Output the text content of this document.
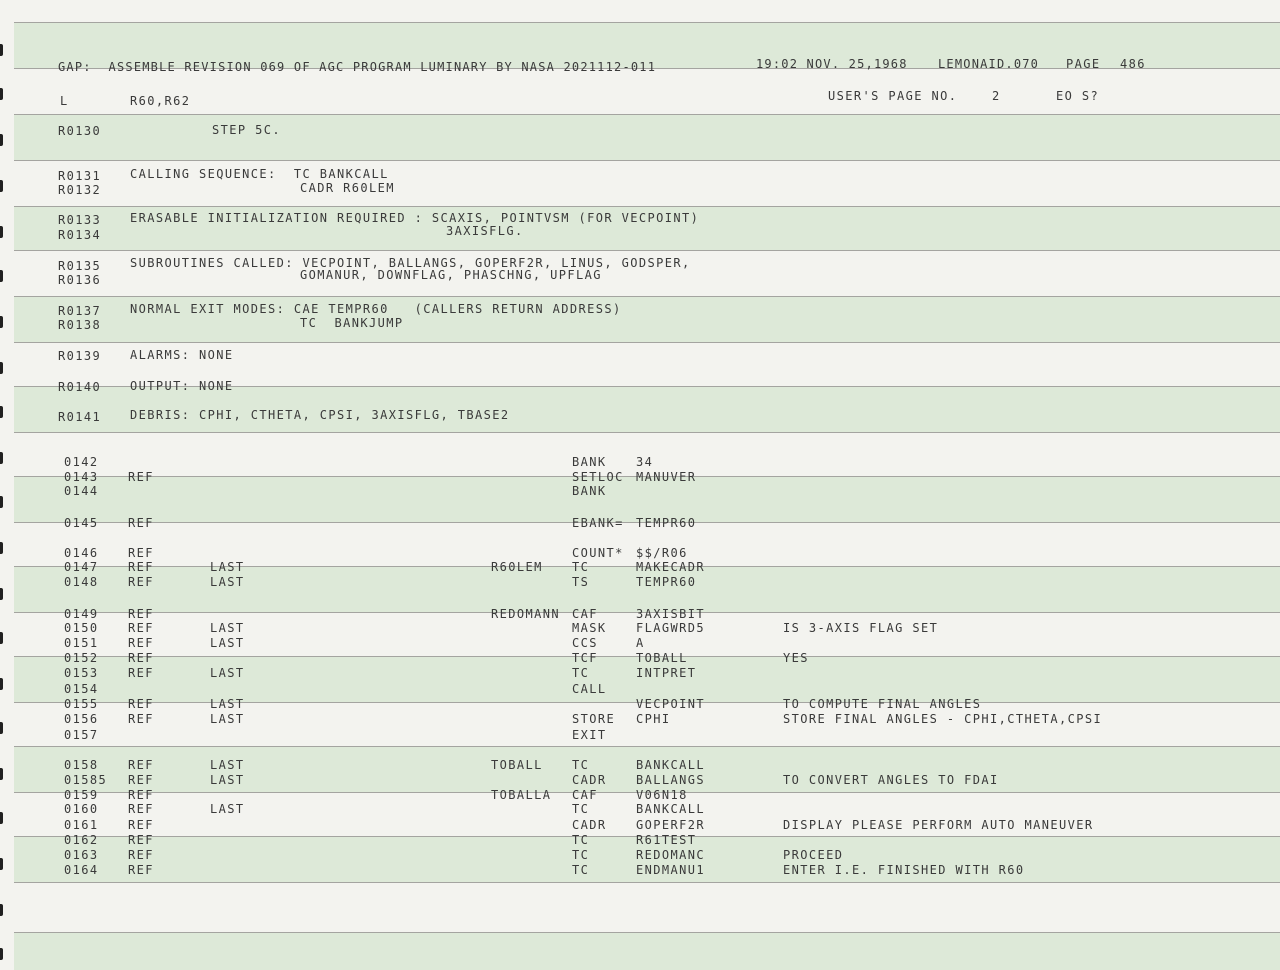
GAP:  ASSEMBLE REVISION 069 OF AGC PROGRAM LUMINARY BY NASA 2021112-011	19:02 NOV. 25,1968	LEMONAID.070 PAGE 486
L	R60,R62	USER'S PAGE NO.	2	EO S?
R0130	STEP 5C.
R0131 CALLING SEQUENCE:  TC BANKCALL
R0132	CADR R60LEM
R0133 ERASABLE INITIALIZATION REQUIRED : SCAXIS, POINTVSM (FOR VECPOINT)
R0134	3AXISFLG.
R0135 SUBROUTINES CALLED: VECPOINT, BALLANGS, GOPERF2R, LINUS, GODSPER,
R0136	GOMANUR, DOWNFLAG, PHASCHNG, UPFLAG
R0137 NORMAL EXIT MODES: CAE TEMPR60   (CALLERS RETURN ADDRESS)
R0138	TC  BANKJUMP
R0139 ALARMS: NONE
R0140 OUTPUT: NONE
R0141 DEBRIS: CPHI, CTHETA, CPSI, 3AXISFLG, TBASE2
0142	BANK 34
0143 REF	SETLOC MANUVER
0144	BANK
0145 REF	EBANK= TEMPR60
0146 REF	COUNT* $$/R06
0147 REF	LAST	R60LEM TC	MAKECADR
0148 REF	LAST	TS	TEMPR60
0149 REF	REDOMANN CAF	3AXISBIT
0150 REF	LAST	MASK FLAGWRD5	IS 3-AXIS FLAG SET
0151 REF	LAST	CCS	A
0152 REF	TCF	TOBALL	YES
0153 REF	LAST	TC	INTPRET
0154	CALL
0155 REF	LAST	VECPOINT	TO COMPUTE FINAL ANGLES
0156 REF	LAST	STORE CPHI	STORE FINAL ANGLES - CPHI,CTHETA,CPSI
0157	EXIT
0158 REF	LAST	TOBALL TC	BANKCALL
01585 REF	LAST	CADR BALLANGS	TO CONVERT ANGLES TO FDAI
0159 REF	TOBALLA CAF	V06N18
0160 REF	LAST	TC	BANKCALL
0161 REF	CADR GOPERF2R	DISPLAY PLEASE PERFORM AUTO MANEUVER
0162 REF	TC	R61TEST
0163 REF	TC	REDOMANC	PROCEED
0164 REF	TC	ENDMANU1	ENTER I.E. FINISHED WITH R60
